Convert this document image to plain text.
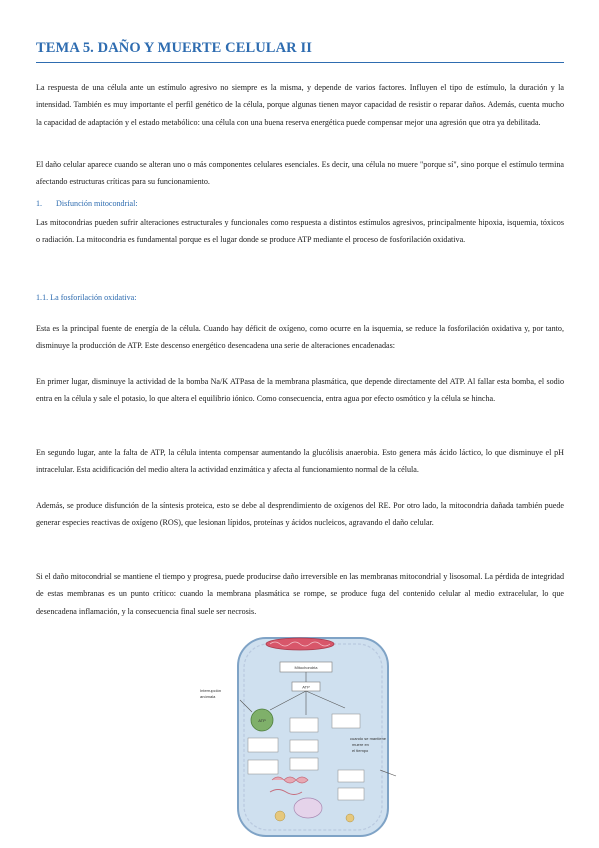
TEMA 5. DAÑO Y MUERTE CELULAR II

La respuesta de una célula ante un estímulo agresivo no siempre es la misma, y depende de varios factores. Influyen el tipo de estímulo, la duración y la intensidad. También es muy importante el perfil genético de la célula, porque algunas tienen mayor capacidad de resistir o reparar daños. Además, cuenta mucho la capacidad de adaptación y el estado metabólico: una célula con una buena reserva energética puede compensar mejor una agresión que otra ya debilitada.

El daño celular aparece cuando se alteran uno o más componentes celulares esenciales. Es decir, una célula no muere "porque sí", sino porque el estímulo termina afectando estructuras críticas para su funcionamiento.

1. Disfunción mitocondrial:

Las mitocondrias pueden sufrir alteraciones estructurales y funcionales como respuesta a distintos estímulos agresivos, principalmente hipoxia, isquemia, tóxicos o radiación. La mitocondria es fundamental porque es el lugar donde se produce ATP mediante el proceso de fosforilación oxidativa.

1.1. La fosforilación oxidativa:

Esta es la principal fuente de energía de la célula. Cuando hay déficit de oxígeno, como ocurre en la isquemia, se reduce la fosforilación oxidativa y, por tanto, disminuye la producción de ATP. Este descenso energético desencadena una serie de alteraciones encadenadas:

En primer lugar, disminuye la actividad de la bomba Na/K ATPasa de la membrana plasmática, que depende directamente del ATP. Al fallar esta bomba, el sodio entra en la célula y sale el potasio, lo que altera el equilibrio iónico. Como consecuencia, entra agua por efecto osmótico y la célula se hincha.

En segundo lugar, ante la falta de ATP, la célula intenta compensar aumentando la glucólisis anaerobia. Esto genera más ácido láctico, lo que disminuye el pH intracelular. Esta acidificación del medio altera la actividad enzimática y afecta al funcionamiento normal de la célula.

Además, se produce disfunción de la síntesis proteica, esto se debe al desprendimiento de oxígenos del RE. Por otro lado, la mitocondria dañada también puede generar especies reactivas de oxígeno (ROS), que lesionan lípidos, proteínas y ácidos nucleicos, agravando el daño celular.

Si el daño mitocondrial se mantiene el tiempo y progresa, puede producirse daño irreversible en las membranas mitocondrial y lisosomal. La pérdida de integridad de estas membranas es un punto crítico: cuando la membrana plasmática se rompe, se produce fuga del contenido celular al medio extracelular, lo que desencadena inflamación, y la consecuencia final suele ser necrosis.

Mitochondria
ATP
ATP
Interrupción
anómala
cuando se mantiene
muere en
el tiempo
